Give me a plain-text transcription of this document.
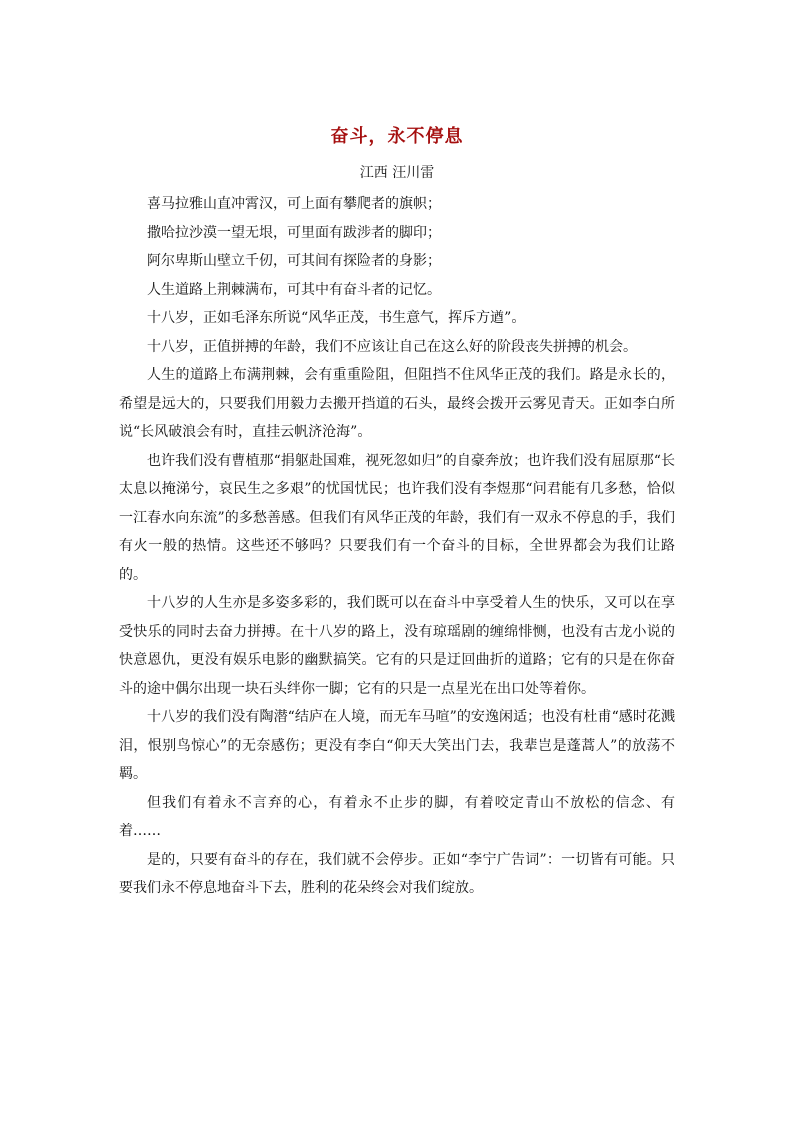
奋斗，永不停息
江西 汪川雷

喜马拉雅山直冲霄汉，可上面有攀爬者的旗帜；

撒哈拉沙漠一望无垠，可里面有跋涉者的脚印；

阿尔卑斯山壁立千仞，可其间有探险者的身影；

人生道路上荆棘满布，可其中有奋斗者的记忆。

十八岁，正如毛泽东所说“风华正茂，书生意气，挥斥方遒”。

十八岁，正值拼搏的年龄，我们不应该让自己在这么好的阶段丧失拼搏的机会。

人生的道路上布满荆棘，会有重重险阻，但阻挡不住风华正茂的我们。路是永长的，希望是远大的，只要我们用毅力去搬开挡道的石头，最终会拨开云雾见青天。正如李白所说“长风破浪会有时，直挂云帆济沧海”。

也许我们没有曹植那“捐躯赴国难，视死忽如归”的自豪奔放；也许我们没有屈原那“长太息以掩涕兮，哀民生之多艰”的忧国忧民；也许我们没有李煜那“问君能有几多愁，恰似一江春水向东流”的多愁善感。但我们有风华正茂的年龄，我们有一双永不停息的手，我们有火一般的热情。这些还不够吗？只要我们有一个奋斗的目标，全世界都会为我们让路的。

十八岁的人生亦是多姿多彩的，我们既可以在奋斗中享受着人生的快乐，又可以在享受快乐的同时去奋力拼搏。在十八岁的路上，没有琼瑶剧的缠绵悱恻，也没有古龙小说的快意恩仇，更没有娱乐电影的幽默搞笑。它有的只是迂回曲折的道路；它有的只是在你奋斗的途中偶尔出现一块石头绊你一脚；它有的只是一点星光在出口处等着你。

十八岁的我们没有陶潜“结庐在人境，而无车马喧”的安逸闲适；也没有杜甫“感时花溅泪，恨别鸟惊心”的无奈感伤；更没有李白“仰天大笑出门去，我辈岂是蓬蒿人”的放荡不羁。

但我们有着永不言弃的心，有着永不止步的脚，有着咬定青山不放松的信念、有着……

是的，只要有奋斗的存在，我们就不会停步。正如“李宁广告词”：一切皆有可能。只要我们永不停息地奋斗下去，胜利的花朵终会对我们绽放。
